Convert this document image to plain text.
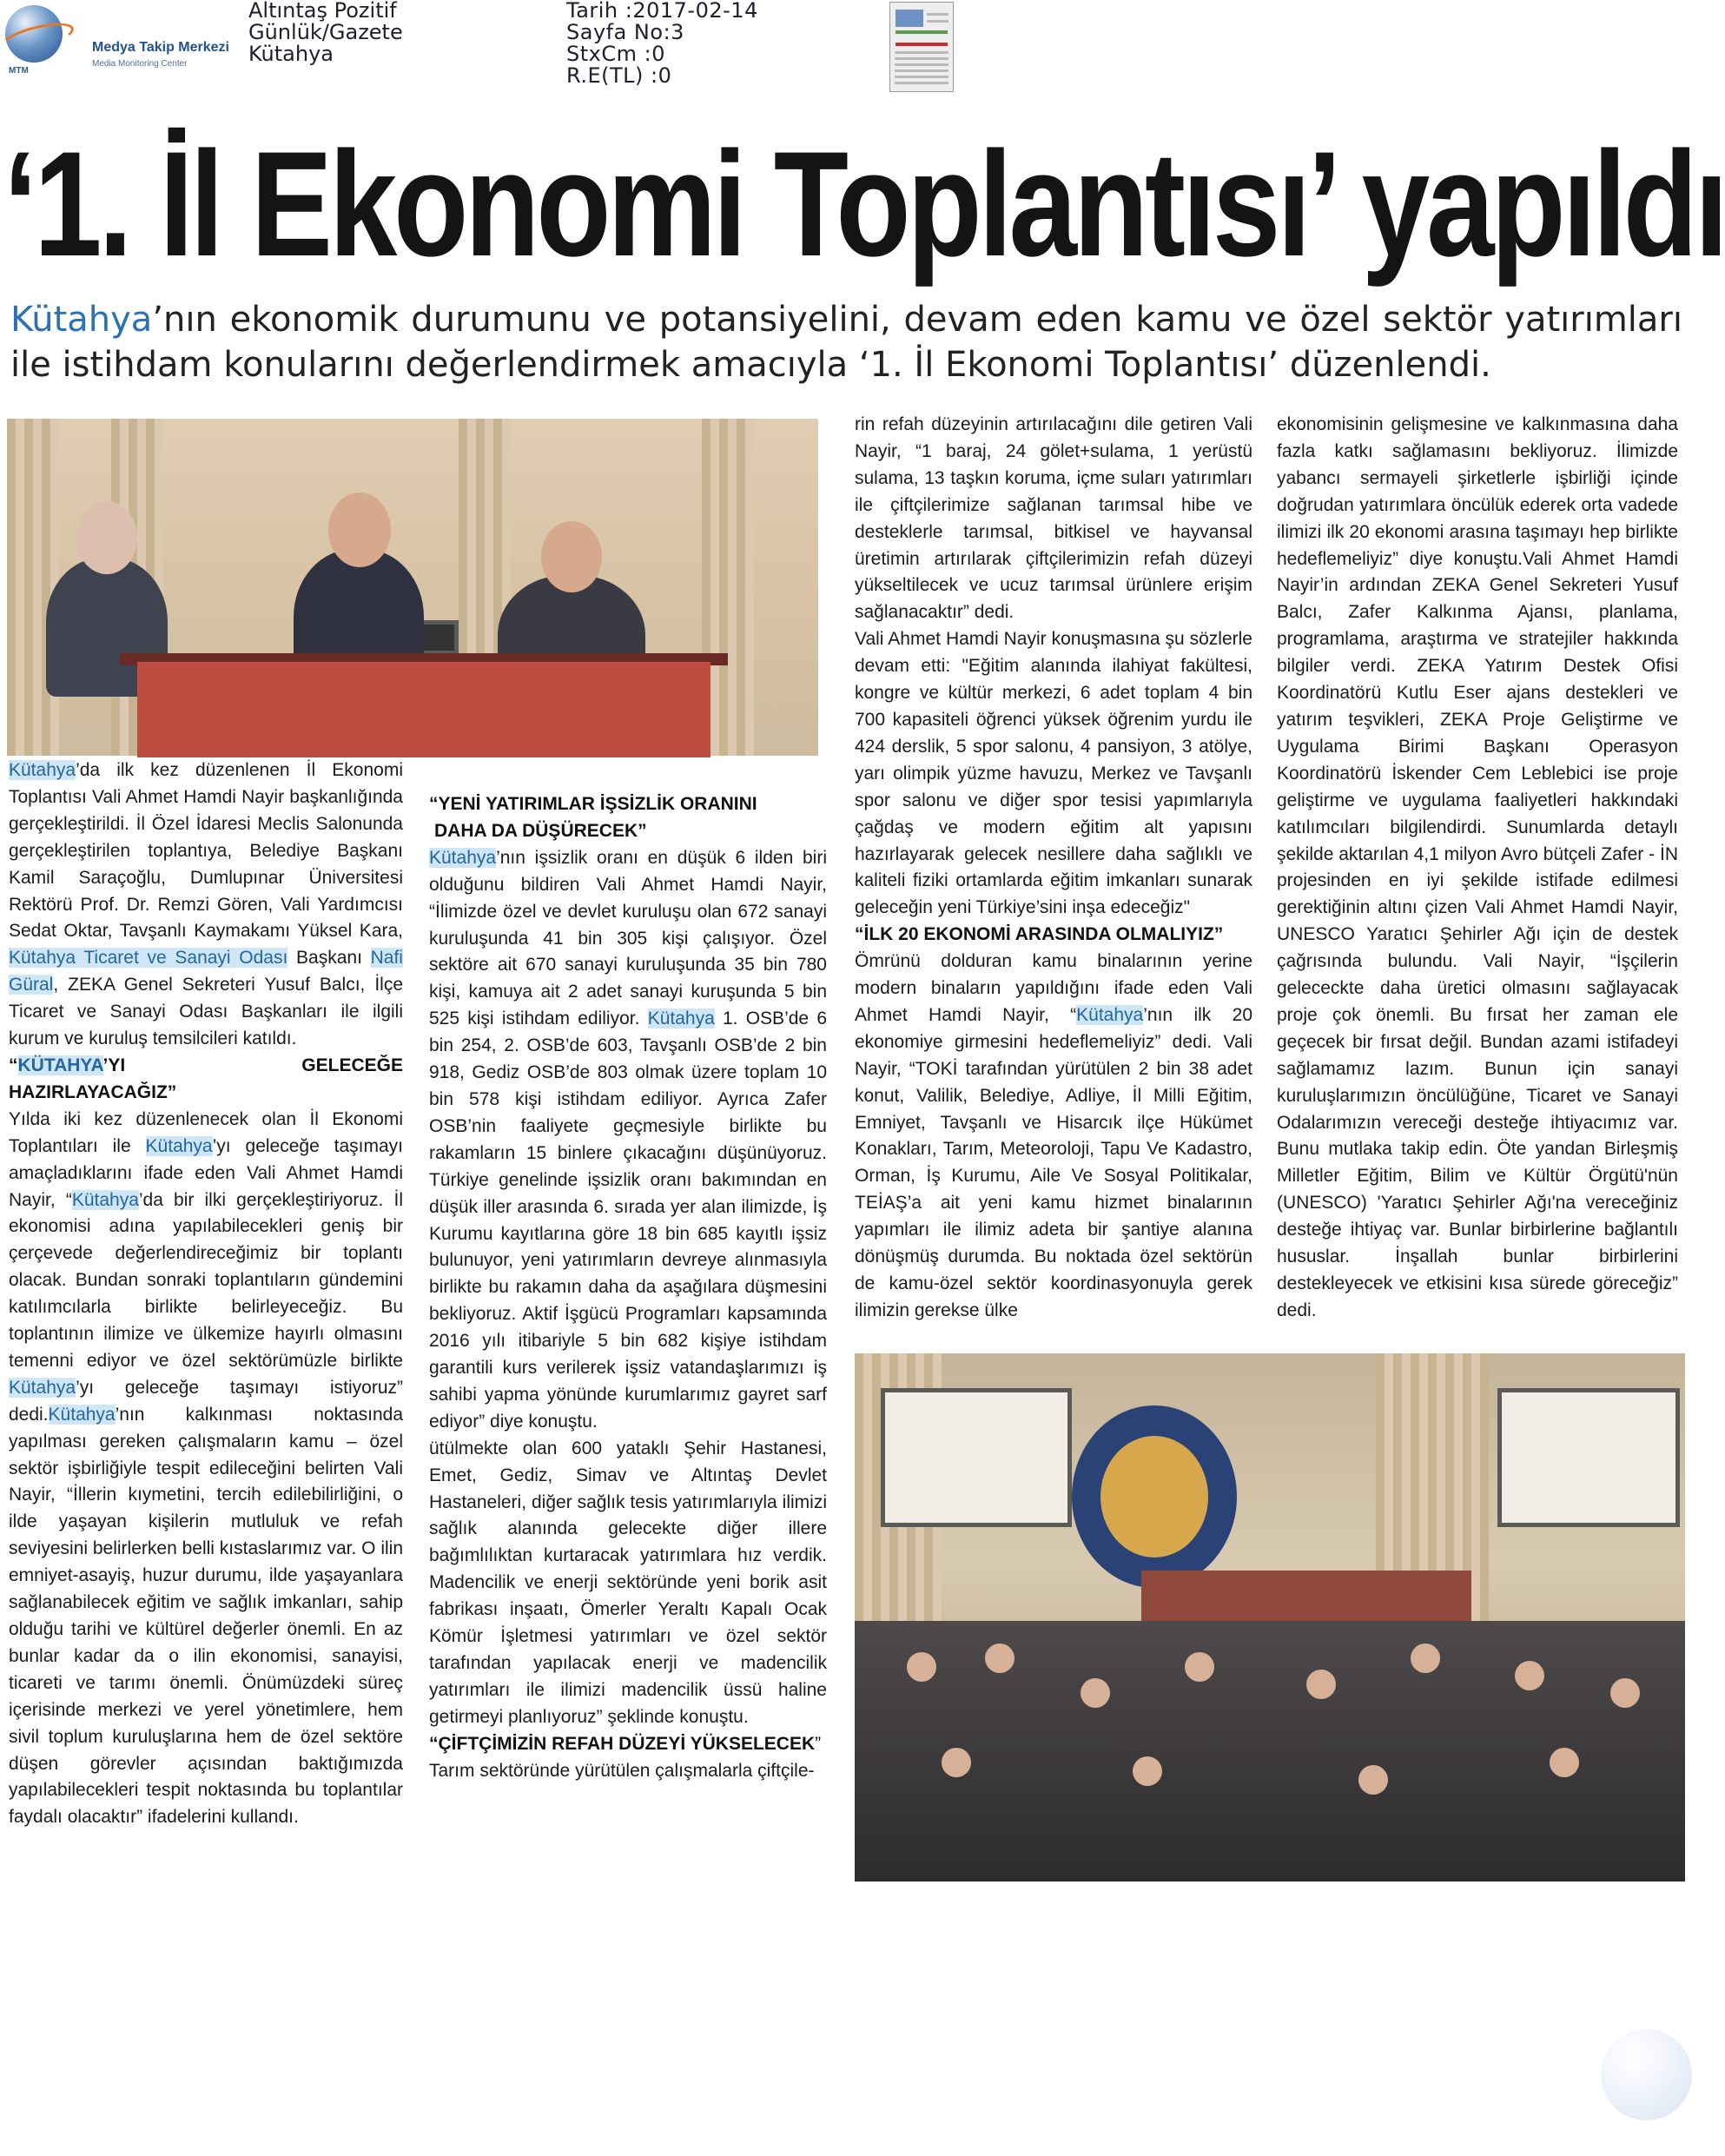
MTM
Medya Takip Merkezi
Media Monitoring Center
Altıntaş Pozitif
Günlük/Gazete
Kütahya
Tarih :2017-02-14
Sayfa No:3
StxCm :0
R.E(TL) :0
‘1. İl Ekonomi Toplantısı’ yapıldı

Kütahya’nın ekonomik durumunu ve potansiyelini, devam eden kamu ve özel sektör yatırımları ile istihdam konularını değerlendirmek amacıyla ‘1. İl Ekonomi Toplantısı’ düzenlendi.

Kütahya’da ilk kez düzenlenen İl Ekonomi Toplantısı Vali Ahmet Hamdi Nayir başkanlığında gerçekleştirildi. İl Özel İdaresi Meclis Salonunda gerçekleştirilen toplantıya, Belediye Başkanı Kamil Saraçoğlu, Dumlupınar Üniversitesi Rektörü Prof. Dr. Remzi Gören, Vali Yardımcısı Sedat Oktar, Tavşanlı Kaymakamı Yüksel Kara, Kütahya Ticaret ve Sanayi Odası Başkanı Nafi Güral, ZEKA Genel Sekreteri Yusuf Balcı, İlçe Ticaret ve Sanayi Odası Başkanları ile ilgili kurum ve kuruluş temsilcileri katıldı.

“KÜTAHYA’YI GELECEĞE HAZIRLAYACAĞIZ”

Yılda iki kez düzenlenecek olan İl Ekonomi Toplantıları ile Kütahya’yı geleceğe taşımayı amaçladıklarını ifade eden Vali Ahmet Hamdi Nayir, “Kütahya’da bir ilki gerçekleştiriyoruz. İl ekonomisi adına yapılabilecekleri geniş bir çerçevede değerlendireceğimiz bir toplantı olacak. Bundan sonraki toplantıların gündemini katılımcılarla birlikte belirleyeceğiz. Bu toplantının ilimize ve ülkemize hayırlı olmasını temenni ediyor ve özel sektörümüzle birlikte Kütahya’yı geleceğe taşımayı istiyoruz” dedi.Kütahya’nın kalkınması noktasında yapılması gereken çalışmaların kamu – özel sektör işbirliğiyle tespit edileceğini belirten Vali Nayir, “İllerin kıymetini, tercih edilebilirliğini, o ilde yaşayan kişilerin mutluluk ve refah seviyesini belirlerken belli kıstaslarımız var. O ilin emniyet-asayiş, huzur durumu, ilde yaşayanlara sağlanabilecek eğitim ve sağlık imkanları, sahip olduğu tarihi ve kültürel değerler önemli. En az bunlar kadar da o ilin ekonomisi, sanayisi, ticareti ve tarımı önemli. Önümüzdeki süreç içerisinde merkezi ve yerel yönetimlere, hem sivil toplum kuruluşlarına hem de özel sektöre düşen görevler açısından baktığımızda yapılabilecekleri tespit noktasında bu toplantılar faydalı olacaktır” ifadelerini kullandı.

“YENİ YATIRIMLAR İŞSİZLİK ORANINI
DAHA DA DÜŞÜRECEK”

Kütahya’nın işsizlik oranı en düşük 6 ilden biri olduğunu bildiren Vali Ahmet Hamdi Nayir, “İlimizde özel ve devlet kuruluşu olan 672 sanayi kuruluşunda 41 bin 305 kişi çalışıyor. Özel sektöre ait 670 sanayi kuruluşunda 35 bin 780 kişi, kamuya ait 2 adet sanayi kuruşunda 5 bin 525 kişi istihdam ediliyor. Kütahya 1. OSB’de 6 bin 254, 2. OSB’de 603, Tavşanlı OSB’de 2 bin 918, Gediz OSB’de 803 olmak üzere toplam 10 bin 578 kişi istihdam ediliyor. Ayrıca Zafer OSB’nin faaliyete geçmesiyle birlikte bu rakamların 15 binlere çıkacağını düşünüyoruz. Türkiye genelinde işsizlik oranı bakımından en düşük iller arasında 6. sırada yer alan ilimizde, İş Kurumu kayıtlarına göre 18 bin 685 kayıtlı işsiz bulunuyor, yeni yatırımların devreye alınmasıyla birlikte bu rakamın daha da aşağılara düşmesini bekliyoruz. Aktif İşgücü Programları kapsamında 2016 yılı itibariyle 5 bin 682 kişiye istihdam garantili kurs verilerek işsiz vatandaşlarımızı iş sahibi yapma yönünde kurumlarımız gayret sarf ediyor” diye konuştu.

ütülmekte olan 600 yataklı Şehir Hastanesi, Emet, Gediz, Simav ve Altıntaş Devlet Hastaneleri, diğer sağlık tesis yatırımlarıyla ilimizi sağlık alanında gelecekte diğer illere bağımlılıktan kurtaracak yatırımlara hız verdik. Madencilik ve enerji sektöründe yeni borik asit fabrikası inşaatı, Ömerler Yeraltı Kapalı Ocak Kömür İşletmesi yatırımları ve özel sektör tarafından yapılacak enerji ve madencilik yatırımları ile ilimizi madencilik üssü haline getirmeyi planlıyoruz” şeklinde konuştu.

“ÇİFTÇİMİZİN REFAH DÜZEYİ YÜKSELECEK”

Tarım sektöründe yürütülen çalışmalarla çiftçile-

rin refah düzeyinin artırılacağını dile getiren Vali Nayir, “1 baraj, 24 gölet+sulama, 1 yerüstü sulama, 13 taşkın koruma, içme suları yatırımları ile çiftçilerimize sağlanan tarımsal hibe ve desteklerle tarımsal, bitkisel ve hayvansal üretimin artırılarak çiftçilerimizin refah düzeyi yükseltilecek ve ucuz tarımsal ürünlere erişim sağlanacaktır” dedi.

Vali Ahmet Hamdi Nayir konuşmasına şu sözlerle devam etti: "Eğitim alanında ilahiyat fakültesi, kongre ve kültür merkezi, 6 adet toplam 4 bin 700 kapasiteli öğrenci yüksek öğrenim yurdu ile 424 derslik, 5 spor salonu, 4 pansiyon, 3 atölye, yarı olimpik yüzme havuzu, Merkez ve Tavşanlı spor salonu ve diğer spor tesisi yapımlarıyla çağdaş ve modern eğitim alt yapısını hazırlayarak gelecek nesillere daha sağlıklı ve kaliteli fiziki ortamlarda eğitim imkanları sunarak geleceğin yeni Türkiye’sini inşa edeceğiz"

“İLK 20 EKONOMİ ARASINDA OLMALIYIZ”

Ömrünü dolduran kamu binalarının yerine modern binaların yapıldığını ifade eden Vali Ahmet Hamdi Nayir, “Kütahya’nın ilk 20 ekonomiye girmesini hedeflemeliyiz” dedi. Vali Nayir, “TOKİ tarafından yürütülen 2 bin 38 adet konut, Valilik, Belediye, Adliye, İl Milli Eğitim, Emniyet, Tavşanlı ve Hisarcık ilçe Hükümet Konakları, Tarım, Meteoroloji, Tapu Ve Kadastro, Orman, İş Kurumu, Aile Ve Sosyal Politikalar, TEİAŞ’a ait yeni kamu hizmet binalarının yapımları ile ilimiz adeta bir şantiye alanına dönüşmüş durumda. Bu noktada özel sektörün de kamu-özel sektör koordinasyonuyla gerek ilimizin gerekse ülke

ekonomisinin gelişmesine ve kalkınmasına daha fazla katkı sağlamasını bekliyoruz. İlimizde yabancı sermayeli şirketlerle işbirliği içinde doğrudan yatırımlara öncülük ederek orta vadede ilimizi ilk 20 ekonomi arasına taşımayı hep birlikte hedeflemeliyiz” diye konuştu.Vali Ahmet Hamdi Nayir’in ardından ZEKA Genel Sekreteri Yusuf Balcı, Zafer Kalkınma Ajansı, planlama, programlama, araştırma ve stratejiler hakkında bilgiler verdi. ZEKA Yatırım Destek Ofisi Koordinatörü Kutlu Eser ajans destekleri ve yatırım teşvikleri, ZEKA Proje Geliştirme ve Uygulama Birimi Başkanı Operasyon Koordinatörü İskender Cem Leblebici ise proje geliştirme ve uygulama faaliyetleri hakkındaki katılımcıları bilgilendirdi. Sunumlarda detaylı şekilde aktarılan 4,1 milyon Avro bütçeli Zafer - İN projesinden en iyi şekilde istifade edilmesi gerektiğinin altını çizen Vali Ahmet Hamdi Nayir, UNESCO Yaratıcı Şehirler Ağı için de destek çağrısında bulundu. Vali Nayir, “İşçilerin gelececkte daha üretici olmasını sağlayacak proje çok önemli. Bu fırsat her zaman ele geçecek bir fırsat değil. Bundan azami istifadeyi sağlamamız lazım. Bunun için sanayi kuruluşlarımızın öncülüğüne, Ticaret ve Sanayi Odalarımızın vereceği desteğe ihtiyacımız var. Bunu mutlaka takip edin. Öte yandan Birleşmiş Milletler Eğitim, Bilim ve Kültür Örgütü'nün (UNESCO) 'Yaratıcı Şehirler Ağı'na vereceğiniz desteğe ihtiyaç var. Bunlar birbirlerine bağlantılı hususlar. İnşallah bunlar birbirlerini destekleyecek ve etkisini kısa sürede göreceğiz” dedi.
